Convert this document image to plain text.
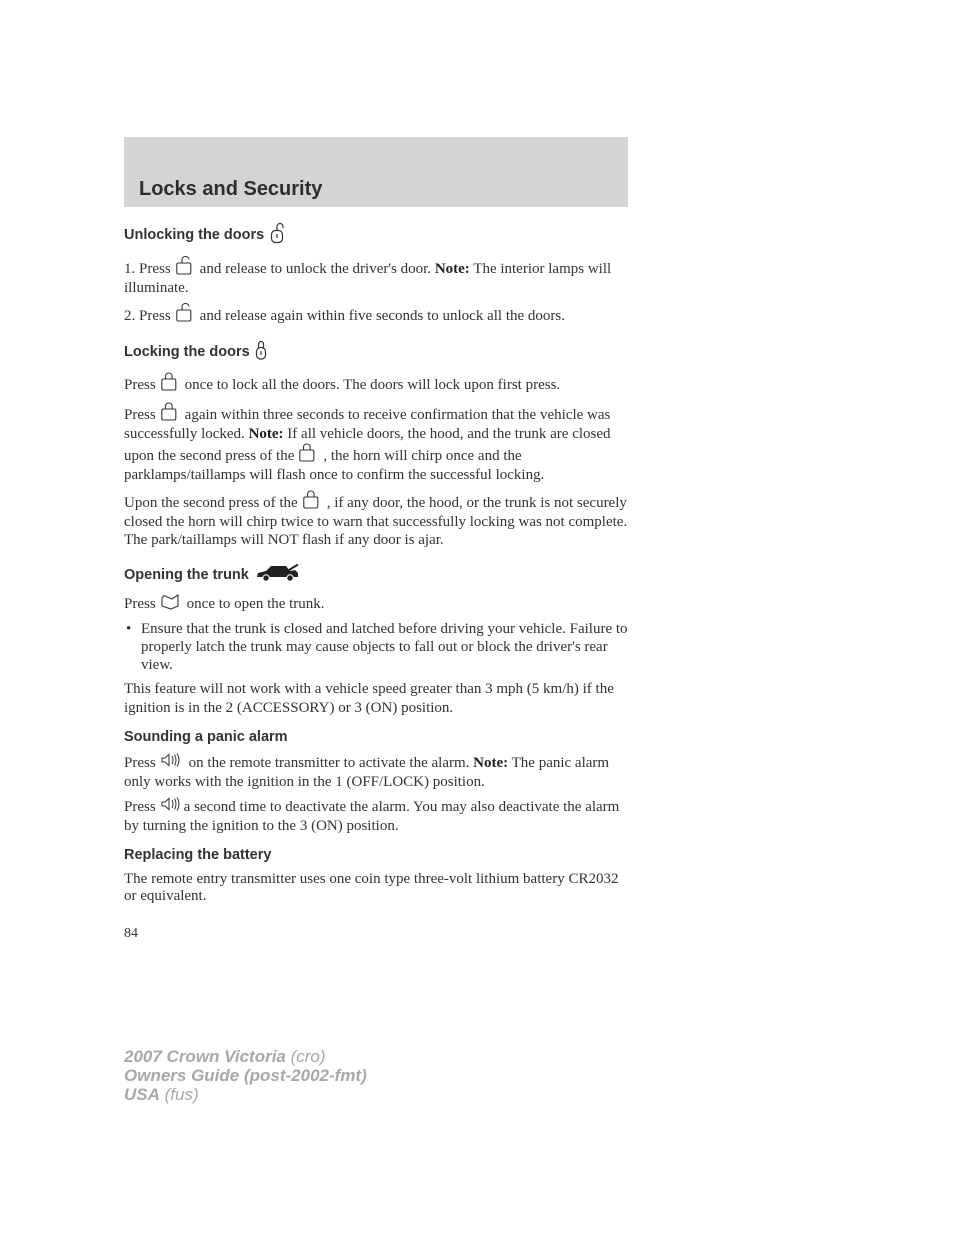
Locks and Security
Unlocking the doors

1. Press and release to unlock the driver's door. Note: The interior lamps will illuminate.

2. Press and release again within five seconds to unlock all the doors.

Locking the doors

Press once to lock all the doors. The doors will lock upon first press.

Press again within three seconds to receive confirmation that the vehicle was successfully locked. Note: If all vehicle doors, the hood, and the trunk are closed upon the second press of the , the horn will chirp once and the parklamps/taillamps will flash once to confirm the successful locking.

Upon the second press of the , if any door, the hood, or the trunk is not securely closed the horn will chirp twice to warn that successfully locking was not complete. The park/taillamps will NOT flash if any door is ajar.

Opening the trunk

Press once to open the trunk.

• Ensure that the trunk is closed and latched before driving your vehicle. Failure to properly latch the trunk may cause objects to fall out or block the driver's rear view.

This feature will not work with a vehicle speed greater than 3 mph (5 km/h) if the ignition is in the 2 (ACCESSORY) or 3 (ON) position.

Sounding a panic alarm

Press on the remote transmitter to activate the alarm. Note: The panic alarm only works with the ignition in the 1 (OFF/LOCK) position.

Press a second time to deactivate the alarm. You may also deactivate the alarm by turning the ignition to the 3 (ON) position.

Replacing the battery

The remote entry transmitter uses one coin type three-volt lithium battery CR2032 or equivalent.

84
2007 Crown Victoria (cro)
Owners Guide (post-2002-fmt)
USA (fus)
